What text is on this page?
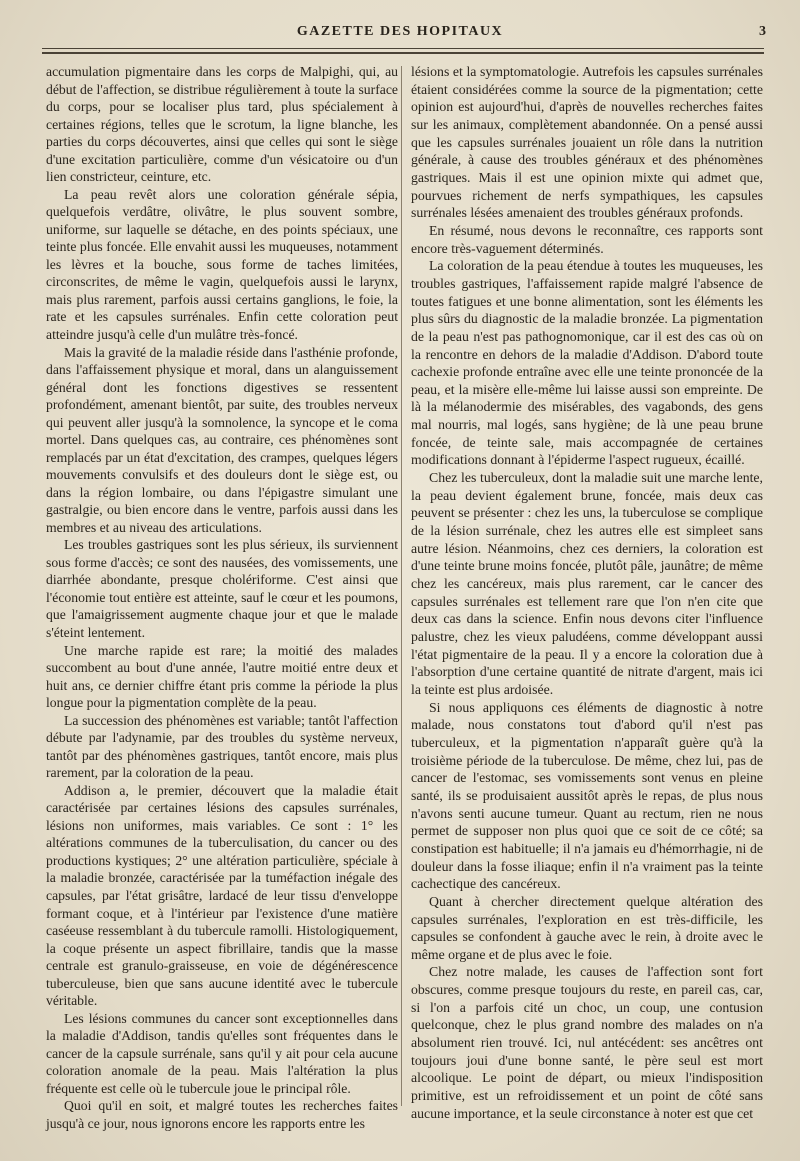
GAZETTE DES HOPITAUX	3

accumulation pigmentaire dans les corps de Malpighi, qui, au début de l'affection, se distribue régulièrement à toute la surface du corps, pour se localiser plus tard, plus spécialement à certaines régions, telles que le scrotum, la ligne blanche, les parties du corps découvertes, ainsi que celles qui sont le siège d'une excitation particulière, comme d'un vésicatoire ou d'un lien constricteur, ceinture, etc.

La peau revêt alors une coloration générale sépia, quelquefois verdâtre, olivâtre, le plus souvent sombre, uniforme, sur laquelle se détache, en des points spéciaux, une teinte plus foncée. Elle envahit aussi les muqueuses, notamment les lèvres et la bouche, sous forme de taches limitées, circonscrites, de même le vagin, quelquefois aussi le larynx, mais plus rarement, parfois aussi certains ganglions, le foie, la rate et les capsules surrénales. Enfin cette coloration peut atteindre jusqu'à celle d'un mulâtre très-foncé.

Mais la gravité de la maladie réside dans l'asthénie profonde, dans l'affaissement physique et moral, dans un alanguissement général dont les fonctions digestives se ressentent profondément, amenant bientôt, par suite, des troubles nerveux qui peuvent aller jusqu'à la somnolence, la syncope et le coma mortel. Dans quelques cas, au contraire, ces phénomènes sont remplacés par un état d'excitation, des crampes, quelques légers mouvements convulsifs et des douleurs dont le siège est, ou dans la région lombaire, ou dans l'épigastre simulant une gastralgie, ou bien encore dans le ventre, parfois aussi dans les membres et au niveau des articulations.

Les troubles gastriques sont les plus sérieux, ils surviennent sous forme d'accès; ce sont des nausées, des vomissements, une diarrhée abondante, presque cholériforme. C'est ainsi que l'économie tout entière est atteinte, sauf le cœur et les poumons, que l'amaigrissement augmente chaque jour et que le malade s'éteint lentement.

Une marche rapide est rare; la moitié des malades succombent au bout d'une année, l'autre moitié entre deux et huit ans, ce dernier chiffre étant pris comme la période la plus longue pour la pigmentation complète de la peau.

La succession des phénomènes est variable; tantôt l'affection débute par l'adynamie, par des troubles du système nerveux, tantôt par des phénomènes gastriques, tantôt encore, mais plus rarement, par la coloration de la peau.

Addison a, le premier, découvert que la maladie était caractérisée par certaines lésions des capsules surrénales, lésions non uniformes, mais variables. Ce sont : 1° les altérations communes de la tuberculisation, du cancer ou des productions kystiques; 2° une altération particulière, spéciale à la maladie bronzée, caractérisée par la tuméfaction inégale des capsules, par l'état grisâtre, lardacé de leur tissu d'enveloppe formant coque, et à l'intérieur par l'existence d'une matière caséeuse ressemblant à du tubercule ramolli. Histologiquement, la coque présente un aspect fibrillaire, tandis que la masse centrale est granulo-graisseuse, en voie de dégénérescence tuberculeuse, bien que sans aucune identité avec le tubercule véritable.

Les lésions communes du cancer sont exceptionnelles dans la maladie d'Addison, tandis qu'elles sont fréquentes dans le cancer de la capsule surrénale, sans qu'il y ait pour cela aucune coloration anomale de la peau. Mais l'altération la plus fréquente est celle où le tubercule joue le principal rôle.

Quoi qu'il en soit, et malgré toutes les recherches faites jusqu'à ce jour, nous ignorons encore les rapports entre les

lésions et la symptomatologie. Autrefois les capsules surrénales étaient considérées comme la source de la pigmentation; cette opinion est aujourd'hui, d'après de nouvelles recherches faites sur les animaux, complètement abandonnée. On a pensé aussi que les capsules surrénales jouaient un rôle dans la nutrition générale, à cause des troubles généraux et des phénomènes gastriques. Mais il est une opinion mixte qui admet que, pourvues richement de nerfs sympathiques, les capsules surrénales lésées amenaient des troubles généraux profonds.

En résumé, nous devons le reconnaître, ces rapports sont encore très-vaguement déterminés.

La coloration de la peau étendue à toutes les muqueuses, les troubles gastriques, l'affaissement rapide malgré l'absence de toutes fatigues et une bonne alimentation, sont les éléments les plus sûrs du diagnostic de la maladie bronzée. La pigmentation de la peau n'est pas pathognomonique, car il est des cas où on la rencontre en dehors de la maladie d'Addison. D'abord toute cachexie profonde entraîne avec elle une teinte prononcée de la peau, et la misère elle-même lui laisse aussi son empreinte. De là la mélanodermie des misérables, des vagabonds, des gens mal nourris, mal logés, sans hygiène; de là une peau brune foncée, de teinte sale, mais accompagnée de certaines modifications donnant à l'épiderme l'aspect rugueux, écaillé.

Chez les tuberculeux, dont la maladie suit une marche lente, la peau devient également brune, foncée, mais deux cas peuvent se présenter : chez les uns, la tuberculose se complique de la lésion surrénale, chez les autres elle est simpleet sans autre lésion. Néanmoins, chez ces derniers, la coloration est d'une teinte brune moins foncée, plutôt pâle, jaunâtre; de même chez les cancéreux, mais plus rarement, car le cancer des capsules surrénales est tellement rare que l'on n'en cite que deux cas dans la science. Enfin nous devons citer l'influence palustre, chez les vieux paludéens, comme développant aussi l'état pigmentaire de la peau. Il y a encore la coloration due à l'absorption d'une certaine quantité de nitrate d'argent, mais ici la teinte est plus ardoisée.

Si nous appliquons ces éléments de diagnostic à notre malade, nous constatons tout d'abord qu'il n'est pas tuberculeux, et la pigmentation n'apparaît guère qu'à la troisième période de la tuberculose. De même, chez lui, pas de cancer de l'estomac, ses vomissements sont venus en pleine santé, ils se produisaient aussitôt après le repas, de plus nous n'avons senti aucune tumeur. Quant au rectum, rien ne nous permet de supposer non plus quoi que ce soit de ce côté; sa constipation est habituelle; il n'a jamais eu d'hémorrhagie, ni de douleur dans la fosse iliaque; enfin il n'a vraiment pas la teinte cachectique des cancéreux.

Quant à chercher directement quelque altération des capsules surrénales, l'exploration en est très-difficile, les capsules se confondent à gauche avec le rein, à droite avec le même organe et de plus avec le foie.

Chez notre malade, les causes de l'affection sont fort obscures, comme presque toujours du reste, en pareil cas, car, si l'on a parfois cité un choc, un coup, une contusion quelconque, chez le plus grand nombre des malades on n'a absolument rien trouvé. Ici, nul antécédent: ses ancêtres ont toujours joui d'une bonne santé, le père seul est mort alcoolique. Le point de départ, ou mieux l'indisposition primitive, est un refroidissement et un point de côté sans aucune importance, et la seule circonstance à noter est que cet
